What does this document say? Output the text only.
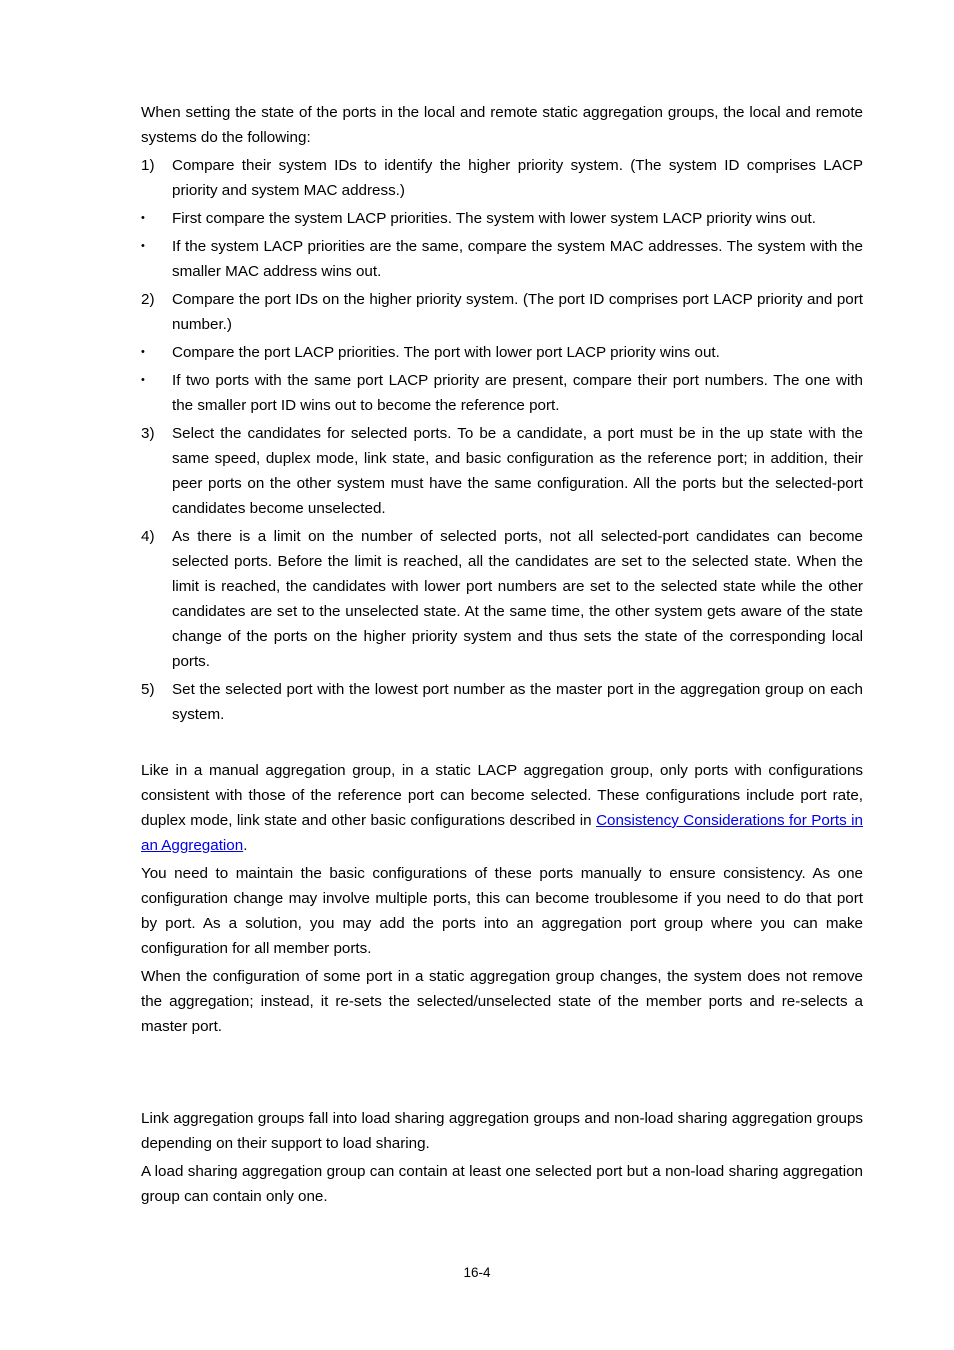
When setting the state of the ports in the local and remote static aggregation groups, the local and remote systems do the following:

1) Compare their system IDs to identify the higher priority system. (The system ID comprises LACP priority and system MAC address.)
• First compare the system LACP priorities. The system with lower system LACP priority wins out.
• If the system LACP priorities are the same, compare the system MAC addresses. The system with the smaller MAC address wins out.
2) Compare the port IDs on the higher priority system. (The port ID comprises port LACP priority and port number.)
• Compare the port LACP priorities. The port with lower port LACP priority wins out.
• If two ports with the same port LACP priority are present, compare their port numbers. The one with the smaller port ID wins out to become the reference port.
3) Select the candidates for selected ports. To be a candidate, a port must be in the up state with the same speed, duplex mode, link state, and basic configuration as the reference port; in addition, their peer ports on the other system must have the same configuration. All the ports but the selected-port candidates become unselected.
4) As there is a limit on the number of selected ports, not all selected-port candidates can become selected ports. Before the limit is reached, all the candidates are set to the selected state. When the limit is reached, the candidates with lower port numbers are set to the selected state while the other candidates are set to the unselected state. At the same time, the other system gets aware of the state change of the ports on the higher priority system and thus sets the state of the corresponding local ports.
5) Set the selected port with the lowest port number as the master port in the aggregation group on each system.

Like in a manual aggregation group, in a static LACP aggregation group, only ports with configurations consistent with those of the reference port can become selected. These configurations include port rate, duplex mode, link state and other basic configurations described in Consistency Considerations for Ports in an Aggregation.

You need to maintain the basic configurations of these ports manually to ensure consistency. As one configuration change may involve multiple ports, this can become troublesome if you need to do that port by port. As a solution, you may add the ports into an aggregation port group where you can make configuration for all member ports.

When the configuration of some port in a static aggregation group changes, the system does not remove the aggregation; instead, it re-sets the selected/unselected state of the member ports and re-selects a master port.

Link aggregation groups fall into load sharing aggregation groups and non-load sharing aggregation groups depending on their support to load sharing.

A load sharing aggregation group can contain at least one selected port but a non-load sharing aggregation group can contain only one.

16-4
